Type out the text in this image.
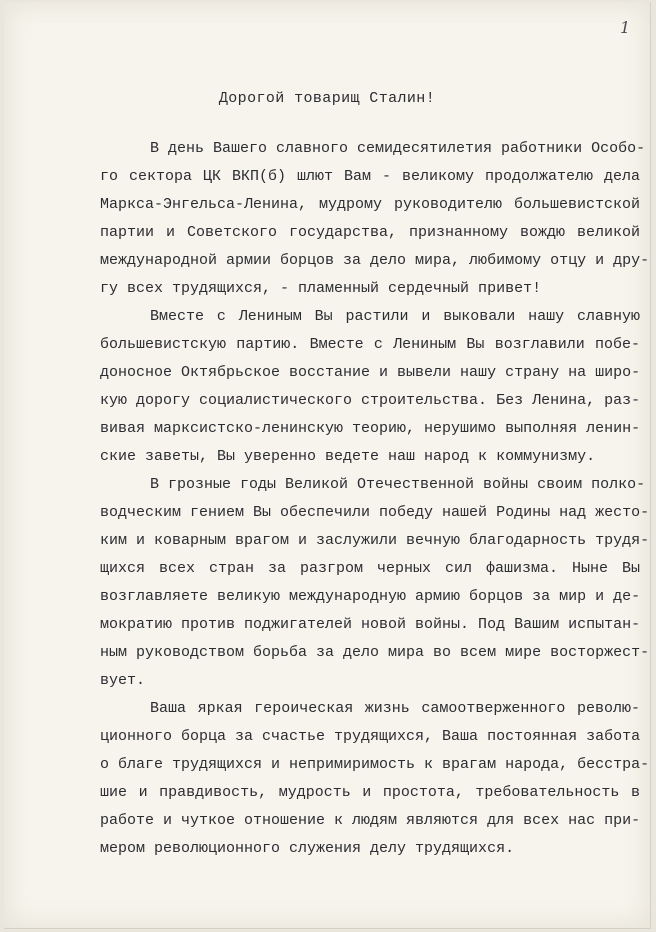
1
Дорогой товарищ Сталин!

В день Вашего славного семидесятилетия работники Особо-

го сектора ЦК ВКП(б) шлют Вам - великому продолжателю дела

Маркса-Энгельса-Ленина, мудрому руководителю большевистской

партии и Советского государства, признанному вождю великой

международной армии борцов за дело мира, любимому отцу и дру-

гу всех трудящихся, - пламенный сердечный привет!

Вместе с Лениным Вы растили и выковали нашу славную

большевистскую партию. Вместе с Лениным Вы возглавили побе-

доносное Октябрьское восстание и вывели нашу страну на широ-

кую дорогу социалистического строительства. Без Ленина, раз-

вивая марксистско-ленинскую теорию, нерушимо выполняя ленин-

ские заветы, Вы уверенно ведете наш народ к коммунизму.

В грозные годы Великой Отечественной войны своим полко-

водческим гением Вы обеспечили победу нашей Родины над жесто-

ким и коварным врагом и заслужили вечную благодарность трудя-

щихся всех стран за разгром черных сил фашизма. Ныне Вы

возглавляете великую международную армию борцов за мир и де-

мократию против поджигателей новой войны. Под Вашим испытан-

ным руководством борьба за дело мира во всем мире восторжест-

вует.

Ваша яркая героическая жизнь самоотверженного револю-

ционного борца за счастье трудящихся, Ваша постоянная забота

о благе трудящихся и непримиримость к врагам народа, бесстра-

шие и правдивость, мудрость и простота, требовательность в

работе и чуткое отношение к людям являются для всех нас при-

мером революционного служения делу трудящихся.
